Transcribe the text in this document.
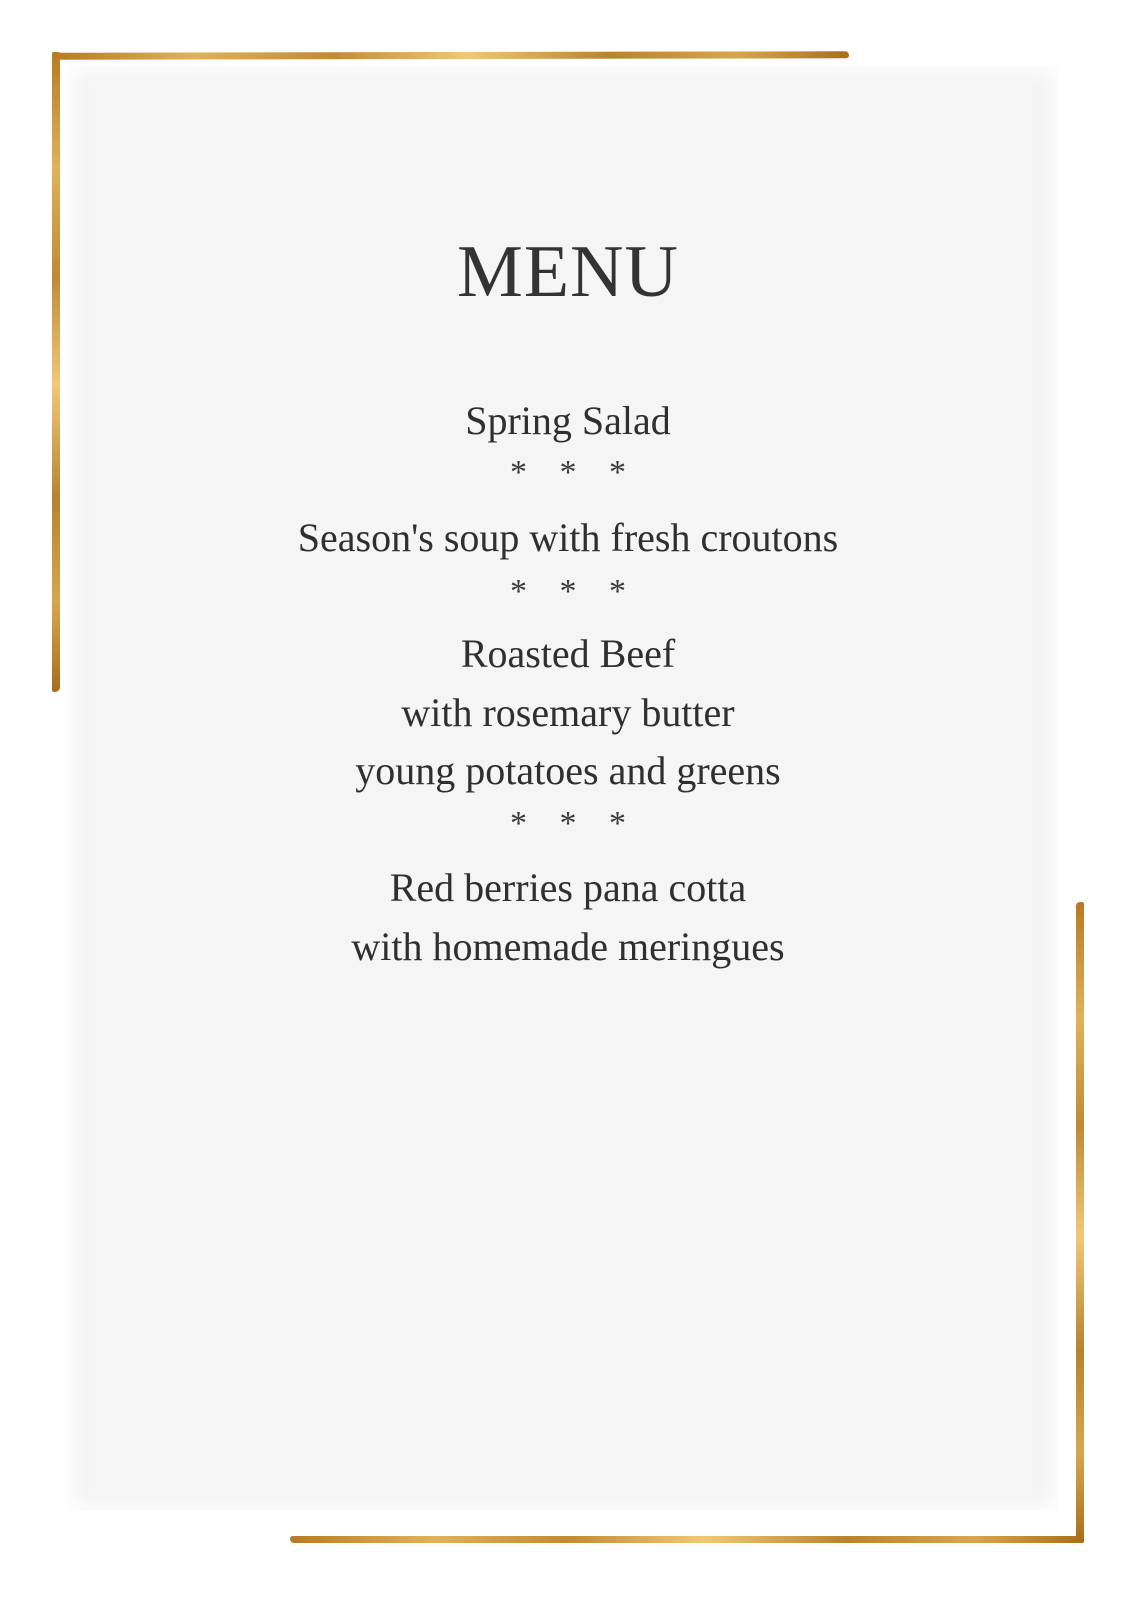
MENU
Spring Salad
* * *
Season's soup with fresh croutons
* * *
Roasted Beef
with rosemary butter
young potatoes and greens
* * *
Red berries pana cotta
with homemade meringues
